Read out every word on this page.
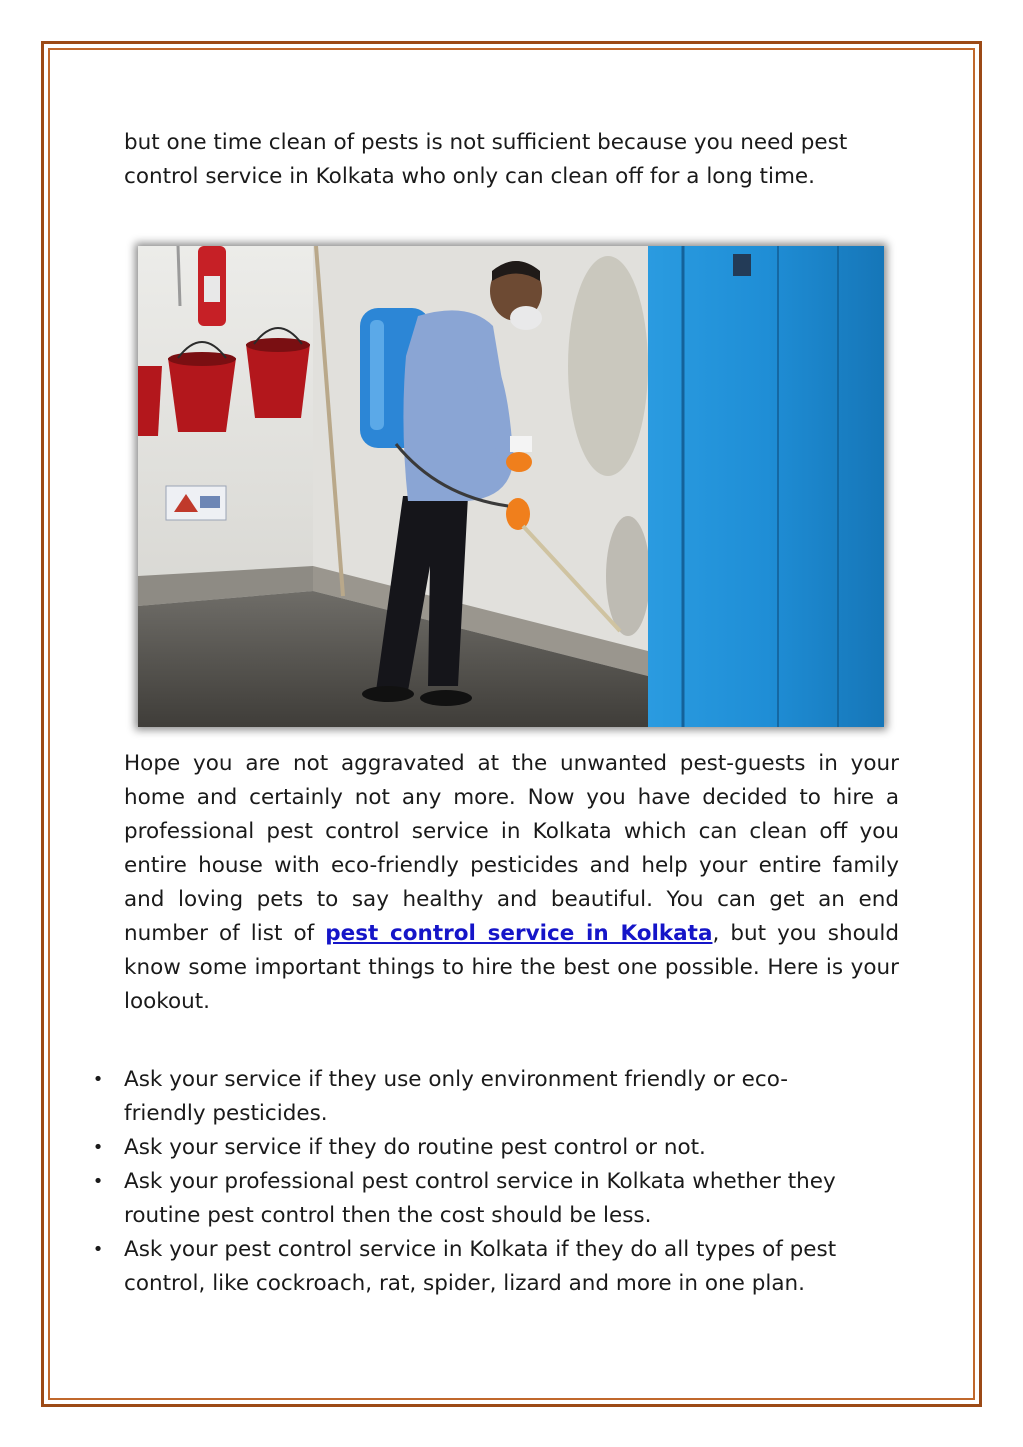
but one time clean of pests is not sufficient because you need pest
control service in Kolkata who only can clean off for a long time.

Hope you are not aggravated at the unwanted pest-guests in your home and certainly not any more. Now you have decided to hire a professional pest control service in Kolkata which can clean off you entire house with eco-friendly pesticides and help your entire family and loving pets to say healthy and beautiful. You can get an end number of list of pest control service in Kolkata, but you should know some important things to hire the best one possible. Here is your lookout.

• Ask your service if they use only environment friendly or eco-
friendly pesticides.
• Ask your service if they do routine pest control or not.
• Ask your professional pest control service in Kolkata whether they
routine pest control then the cost should be less.
• Ask your pest control service in Kolkata if they do all types of pest
control, like cockroach, rat, spider, lizard and more in one plan.
